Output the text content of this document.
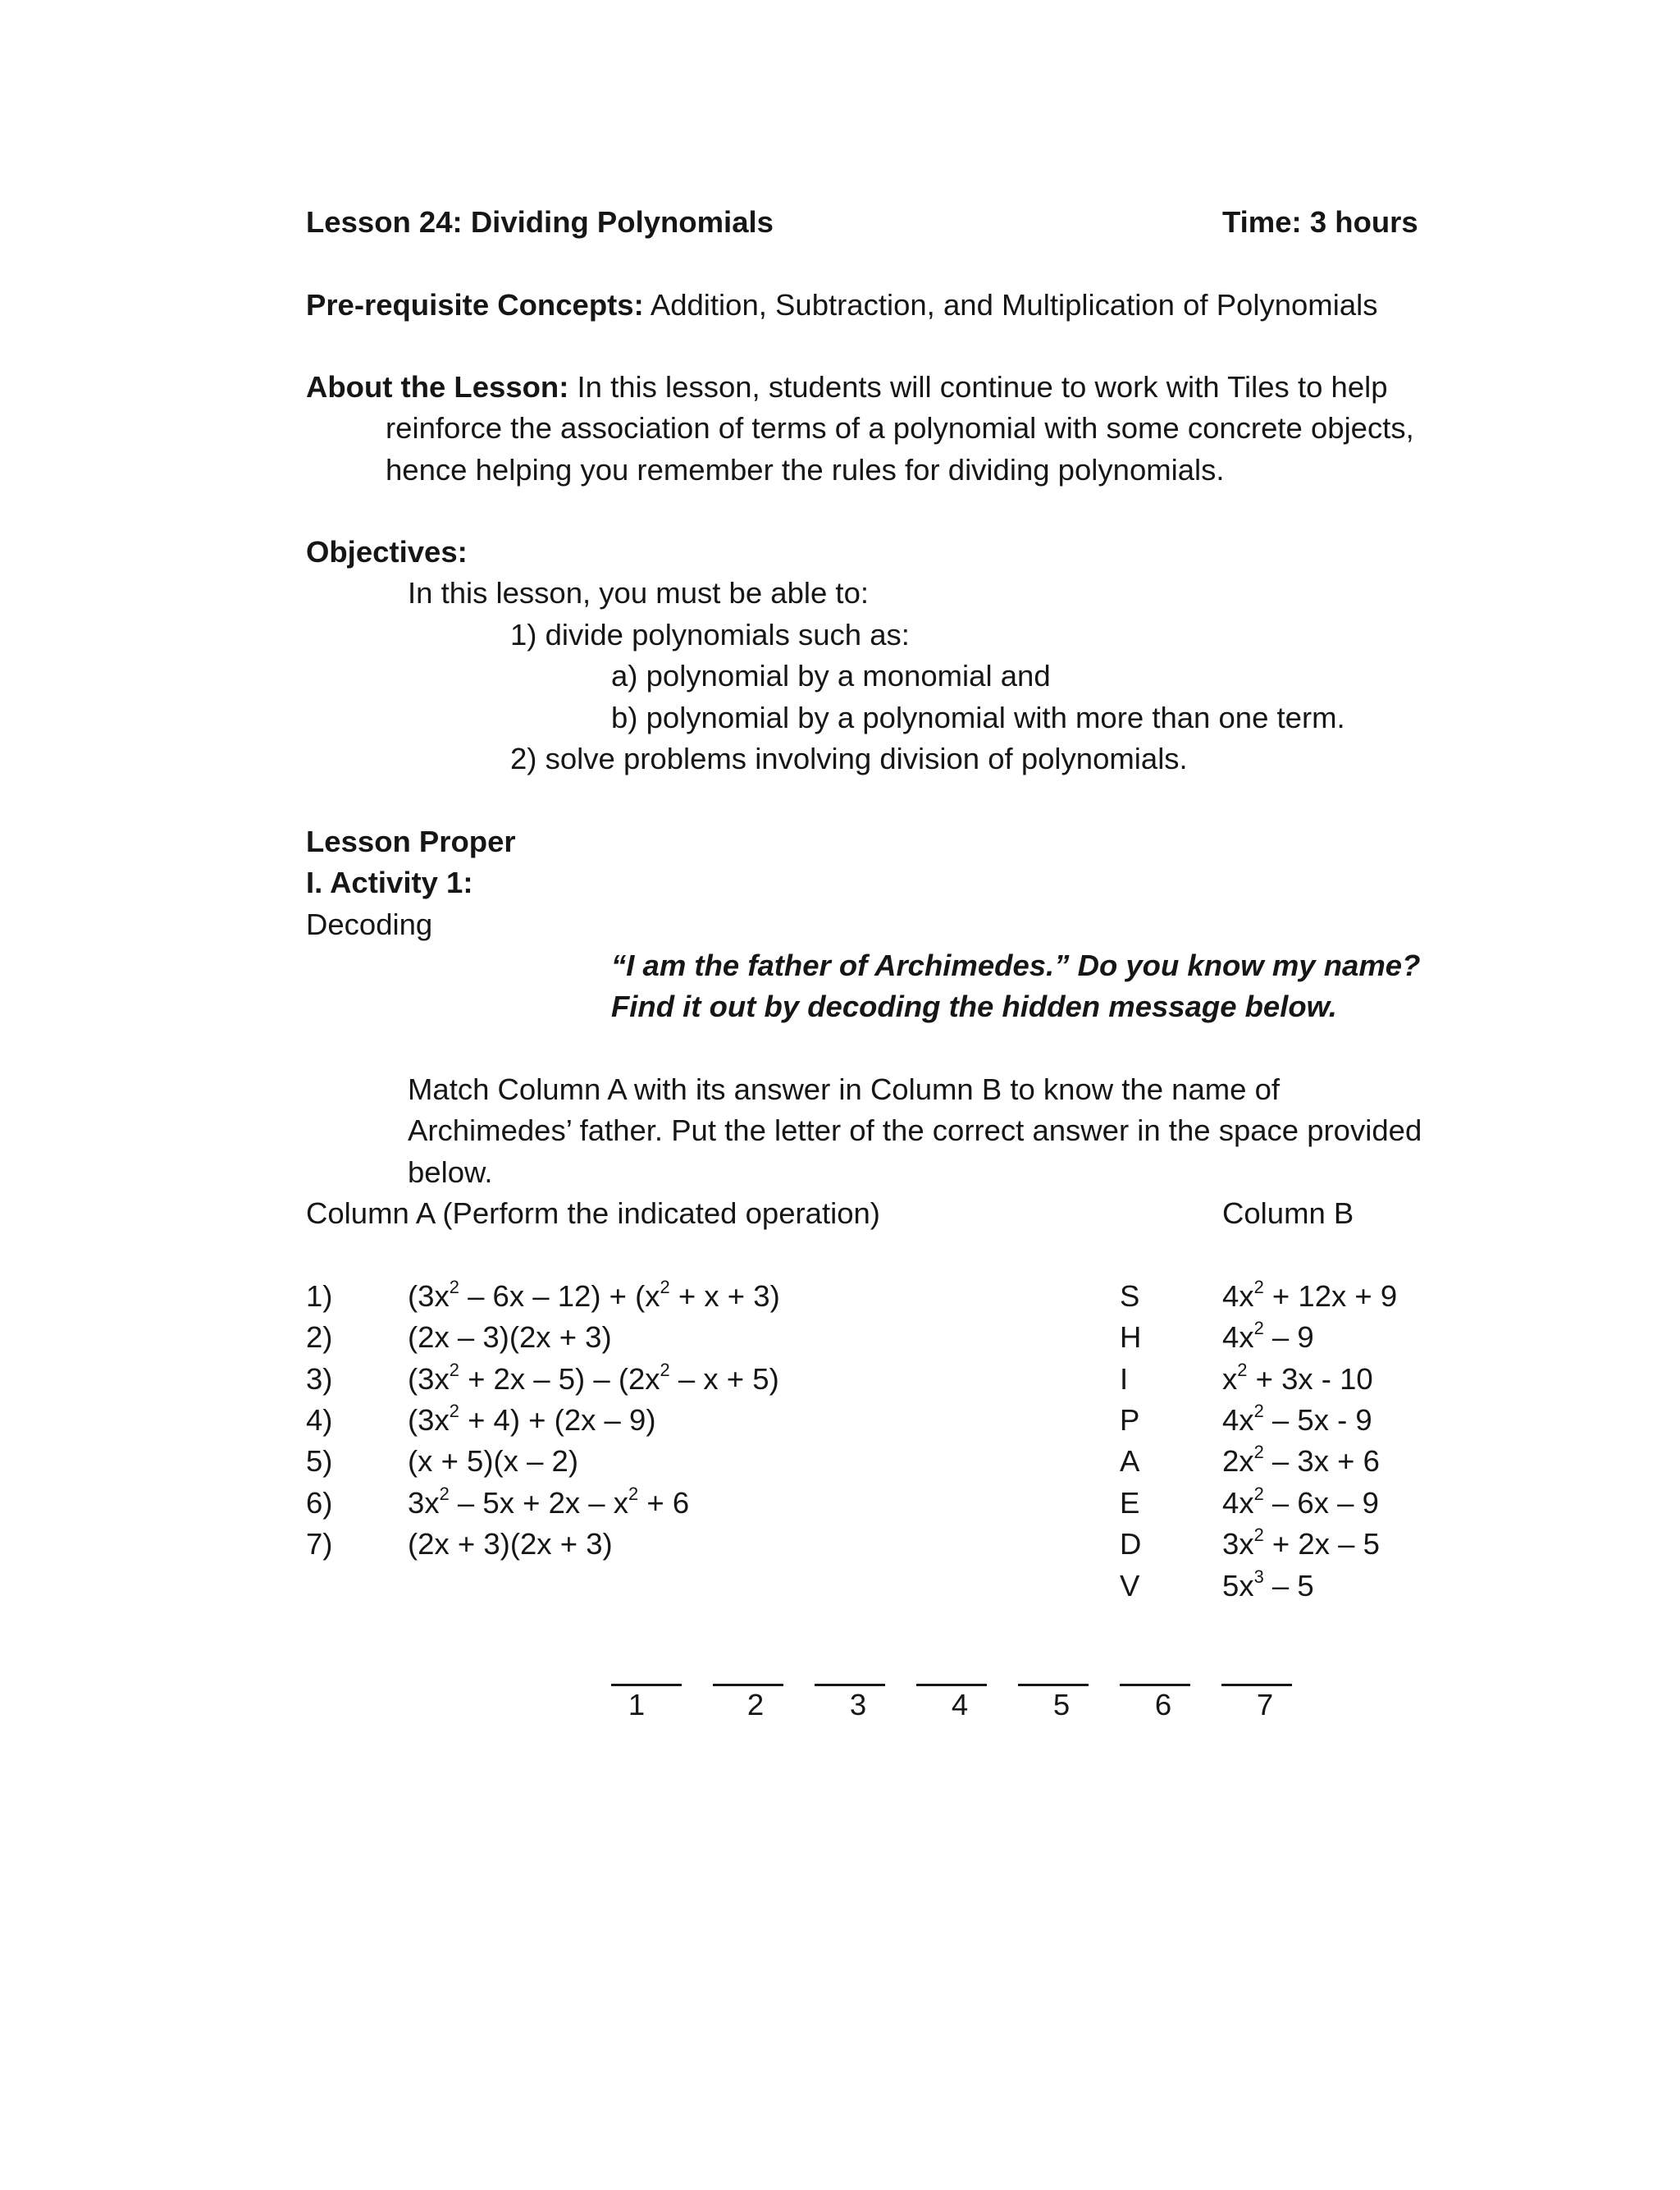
Lesson 24: Dividing Polynomials	Time: 3 hours
Pre-requisite Concepts: Addition, Subtraction, and Multiplication of Polynomials
About the Lesson: In this lesson, students will continue to work with Tiles to help
reinforce the association of terms of a polynomial with some concrete objects,
hence helping you remember the rules for dividing polynomials.
Objectives:
In this lesson, you must be able to:
1) divide polynomials such as:
a) polynomial by a monomial and
b) polynomial by a polynomial with more than one term.
2) solve problems involving division of polynomials.
Lesson Proper
I. Activity 1:
Decoding
“I am the father of Archimedes.” Do you know my name?
Find it out by decoding the hidden message below.
Match Column A with its answer in Column B to know the name of
Archimedes’ father. Put the letter of the correct answer in the space provided
below.
Column A (Perform the indicated operation)	Column B
1)	$(3x^2 - 6x - 12) + (x^2 + x + 3)$
2)	(2x – 3)(2x + 3)
3)	$(3x^2 + 2x - 5) - (2x^2 - x + 5)$
4)	$(3x^2 + 4) + (2x - 9)$
5)	(x + 5)(x – 2)
6)	$3x^2 - 5x + 2x - x^2 + 6$
7)	(2x + 3)(2x + 3)
S	$4x^2 + 12x + 9$
H	$4x^2 - 9$
I	$x^2 + 3x - 10$
P	$4x^2 - 5x - 9$
A	$2x^2 - 3x + 6$
E	$4x^2 - 6x - 9$
D	$3x^2 + 2x - 5$
V	$5x^3 - 5$
1	2	3	4	5	6	7
